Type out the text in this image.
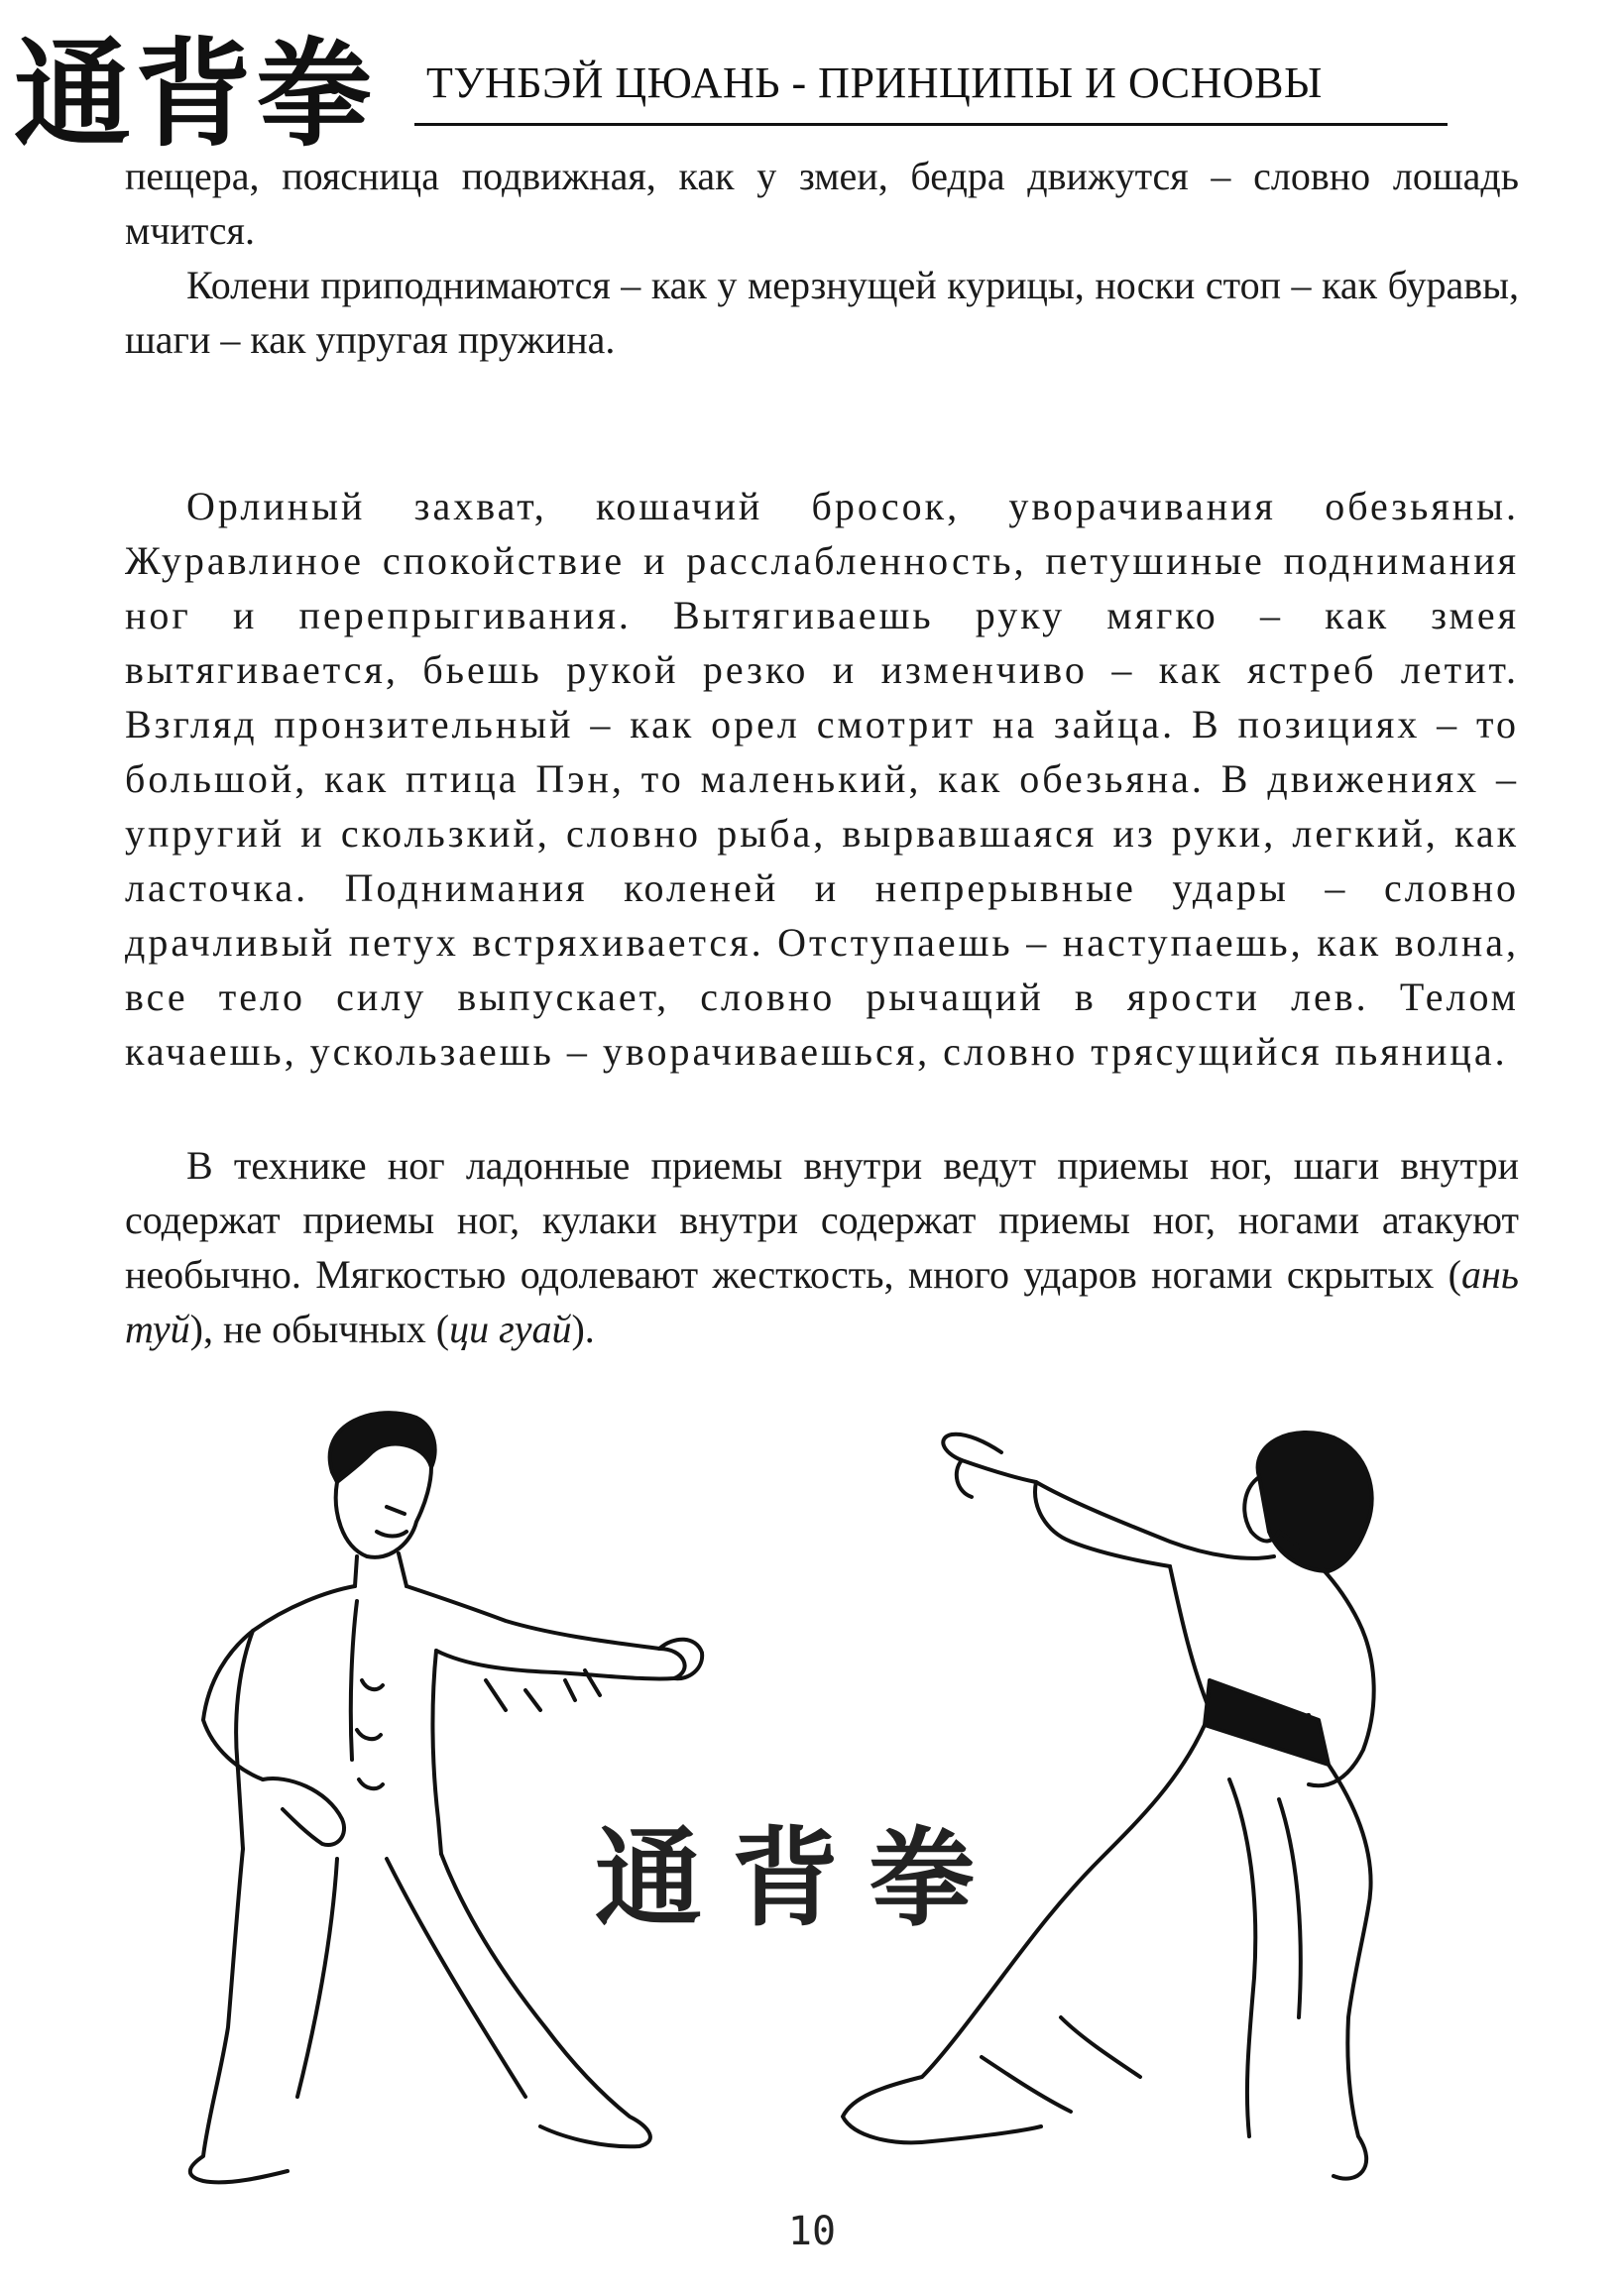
通背拳 ТУНБЭЙ ЦЮАНЬ - ПРИНЦИПЫ И ОСНОВЫ

пещера, поясница подвижная, как у змеи, бедра движутся – словно лошадь мчится.

Колени приподнимаются – как у мерзнущей курицы, носки стоп – как буравы, шаги – как упругая пружина.

Орлиный захват, кошачий бросок, уворачивания обезьяны. Журавлиное спокойствие и расслабленность, петушиные поднимания ног и перепрыгивания. Вытягиваешь руку мягко – как змея вытягивается, бьешь рукой резко и изменчиво – как ястреб летит. Взгляд пронзительный – как орел смотрит на зайца. В позициях – то большой, как птица Пэн, то маленький, как обезьяна. В движениях – упругий и скользкий, словно рыба, вырвавшаяся из руки, легкий, как ласточка. Поднимания коленей и непрерывные удары – словно драчливый петух встряхивается. Отступаешь – наступаешь, как волна, все тело силу выпускает, словно рычащий в ярости лев. Телом качаешь, ускользаешь – уворачиваешься, словно трясущийся пьяница.

В технике ног ладонные приемы внутри ведут приемы ног, шаги внутри содержат приемы ног, кулаки внутри содержат приемы ног, ногами атакуют необычно. Мягкостью одолевают жесткость, много ударов ногами скрытых (ань туй), не обычных (ци гуай).

通背拳
10
